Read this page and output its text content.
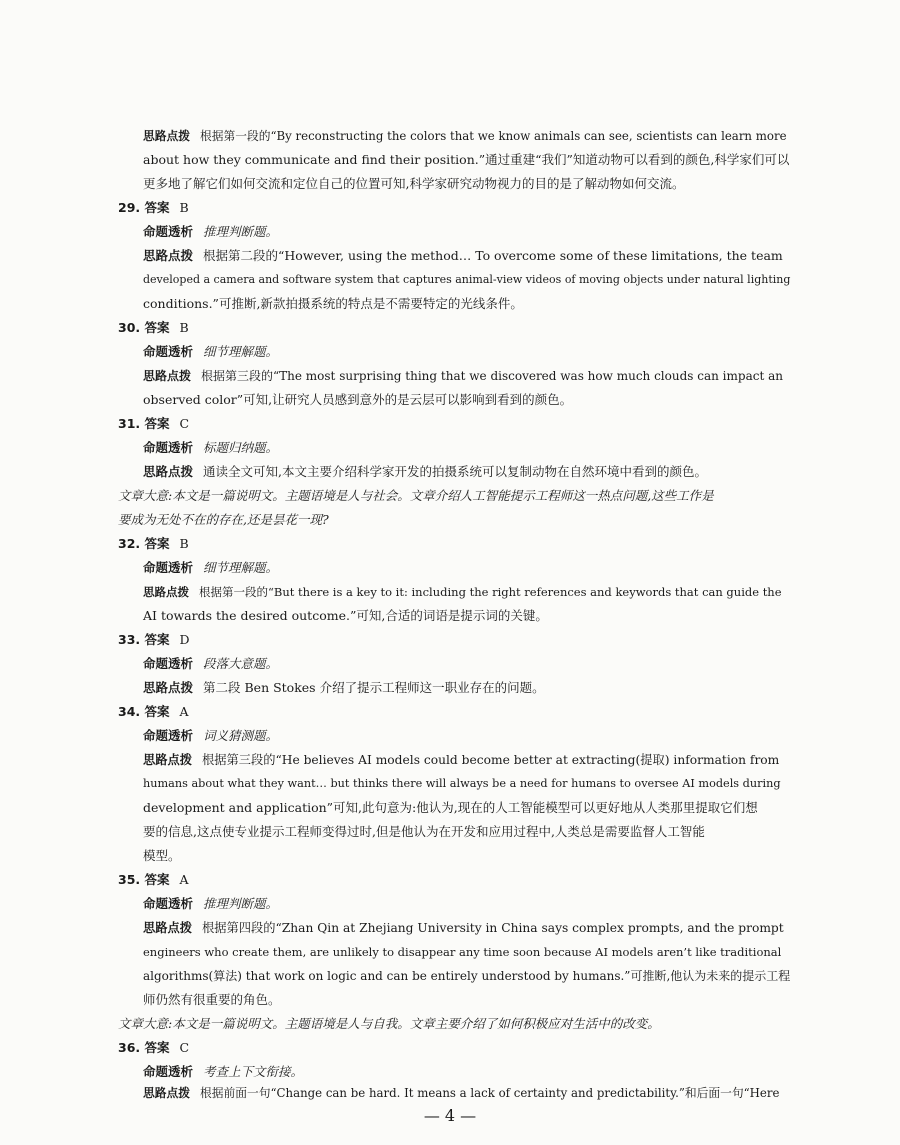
思路点拨 根据第一段的“By reconstructing the colors that we know animals can see, scientists can learn more
about how they communicate and find their position.”通过重建“我们”知道动物可以看到的颜色,科学家们可以
更多地了解它们如何交流和定位自己的位置可知,科学家研究动物视力的目的是了解动物如何交流。
29. 答案 B
命题透析 推理判断题。
思路点拨 根据第二段的“However, using the method… To overcome some of these limitations, the team
developed a camera and software system that captures animal-view videos of moving objects under natural lighting
conditions.”可推断,新款拍摄系统的特点是不需要特定的光线条件。
30. 答案 B
命题透析 细节理解题。
思路点拨 根据第三段的“The most surprising thing that we discovered was how much clouds can impact an
observed color”可知,让研究人员感到意外的是云层可以影响到看到的颜色。
31. 答案 C
命题透析 标题归纳题。
思路点拨 通读全文可知,本文主要介绍科学家开发的拍摄系统可以复制动物在自然环境中看到的颜色。
文章大意:本文是一篇说明文。主题语境是人与社会。文章介绍人工智能提示工程师这一热点问题,这些工作是
要成为无处不在的存在,还是昙花一现?
32. 答案 B
命题透析 细节理解题。
思路点拨 根据第一段的“But there is a key to it: including the right references and keywords that can guide the
AI towards the desired outcome.”可知,合适的词语是提示词的关键。
33. 答案 D
命题透析 段落大意题。
思路点拨 第二段 Ben Stokes 介绍了提示工程师这一职业存在的问题。
34. 答案 A
命题透析 词义猜测题。
思路点拨 根据第三段的“He believes AI models could become better at extracting(提取) information from
humans about what they want… but thinks there will always be a need for humans to oversee AI models during
development and application”可知,此句意为:他认为,现在的人工智能模型可以更好地从人类那里提取它们想
要的信息,这点使专业提示工程师变得过时,但是他认为在开发和应用过程中,人类总是需要监督人工智能
模型。
35. 答案 A
命题透析 推理判断题。
思路点拨 根据第四段的“Zhan Qin at Zhejiang University in China says complex prompts, and the prompt
engineers who create them, are unlikely to disappear any time soon because AI models aren’t like traditional
algorithms(算法) that work on logic and can be entirely understood by humans.”可推断,他认为未来的提示工程
师仍然有很重要的角色。
文章大意:本文是一篇说明文。主题语境是人与自我。文章主要介绍了如何积极应对生活中的改变。
36. 答案 C
命题透析 考查上下文衔接。
思路点拨 根据前面一句“Change can be hard. It means a lack of certainty and predictability.”和后面一句“Here
— 4 —
